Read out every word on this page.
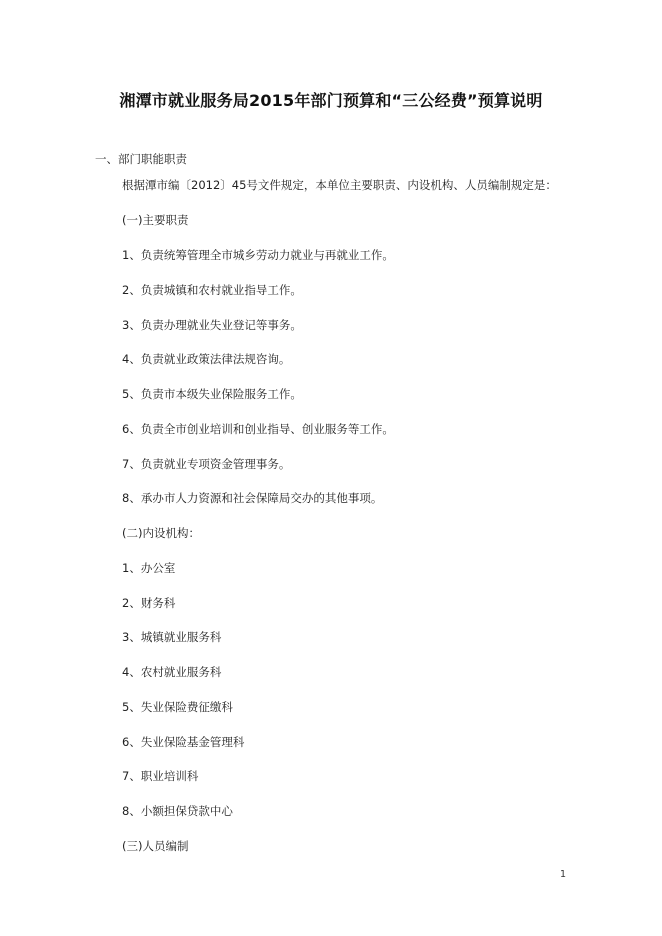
湘潭市就业服务局2015年部门预算和“三公经费”预算说明
一、部门职能职责
根据潭市编〔2012〕45号文件规定，本单位主要职责、内设机构、人员编制规定是：
(一)主要职责
1、负责统筹管理全市城乡劳动力就业与再就业工作。
2、负责城镇和农村就业指导工作。
3、负责办理就业失业登记等事务。
4、负责就业政策法律法规咨询。
5、负责市本级失业保险服务工作。
6、负责全市创业培训和创业指导、创业服务等工作。
7、负责就业专项资金管理事务。
8、承办市人力资源和社会保障局交办的其他事项。
(二)内设机构：
1、办公室
2、财务科
3、城镇就业服务科
4、农村就业服务科
5、失业保险费征缴科
6、失业保险基金管理科
7、职业培训科
8、小额担保贷款中心
(三)人员编制
1
